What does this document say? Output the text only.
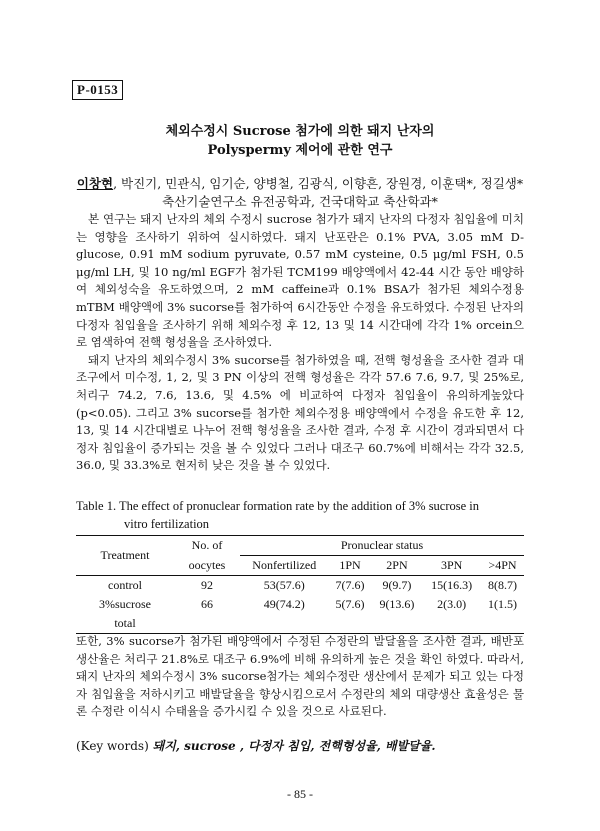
P-0153
체외수정시 Sucrose 첨가에 의한 돼지 난자의
Polyspermy 제어에 관한 연구
이창현, 박진기, 민관식, 임기순, 양병철, 김광식, 이향흔, 장원경, 이훈택*, 정길생*
축산기술연구소 유전공학과, 건국대학교 축산학과*

본 연구는 돼지 난자의 체외 수정시 sucrose 첨가가 돼지 난자의 다정자 침입율에 미치는 영향을 조사하기 위하여 실시하였다. 돼지 난포란은 0.1% PVA, 3.05 mM D-glucose, 0.91 mM sodium pyruvate, 0.57 mM cysteine, 0.5 μg/ml FSH, 0.5 μg/ml LH, 및 10 ng/ml EGF가 첨가된 TCM199 배양액에서 42-44 시간 동안 배양하여 체외성숙을 유도하였으며, 2 mM caffeine과 0.1% BSA가 첨가된 체외수정용 mTBM 배양액에 3% sucorse를 첨가하여 6시간동안 수정을 유도하였다. 수정된 난자의 다정자 침입율을 조사하기 위해 체외수정 후 12, 13 및 14 시간대에 각각 1% orcein으로 염색하여 전핵 형성율을 조사하였다.

돼지 난자의 체외수정시 3% sucorse를 첨가하였을 때, 전핵 형성율을 조사한 결과 대조구에서 미수정, 1, 2, 및 3 PN 이상의 전핵 형성율은 각각 57.6 7.6, 9.7, 및 25%로, 처리구 74.2, 7.6, 13.6, 및 4.5% 에 비교하여 다정자 침입율이 유의하게높았다(p<0.05). 그리고 3% sucorse를 첨가한 체외수정용 배양액에서 수정을 유도한 후 12, 13, 및 14 시간대별로 나누어 전핵 형성율을 조사한 결과, 수정 후 시간이 경과되면서 다정자 침입율이 증가되는 것을 볼 수 있었다 그러나 대조구 60.7%에 비해서는 각각 32.5, 36.0, 및 33.3%로 현저히 낮은 것을 볼 수 있었다.

Table 1. The effect of pronuclear formation rate by the addition of 3% sucrose in
vitro fertilization
Treatment	No. of	Pronuclear status				
	oocytes	Nonfertilized	1PN	2PN	3PN	>4PN
control	92	53(57.6)	7(7.6)	9(9.7)	15(16.3)	8(8.7)
3%sucrose	66	49(74.2)	5(7.6)	9(13.6)	2(3.0)	1(1.5)
total						

또한, 3% sucorse가 첨가된 배양액에서 수정된 수정란의 발달율을 조사한 결과, 배반포 생산율은 처리구 21.8%로 대조구 6.9%에 비해 유의하게 높은 것을 확인 하였다. 따라서, 돼지 난자의 체외수정시 3% sucorse첨가는 체외수정란 생산에서 문제가 되고 있는 다정자 침입율을 저하시키고 배발달율을 향상시킴으로서 수정란의 체외 대량생산 효율성은 물론 수정란 이식시 수태율을 증가시킬 수 있을 것으로 사료된다.

(Key words) 돼지, sucrose , 다정자 침입, 전핵형성율, 배발달율.
- 85 -
